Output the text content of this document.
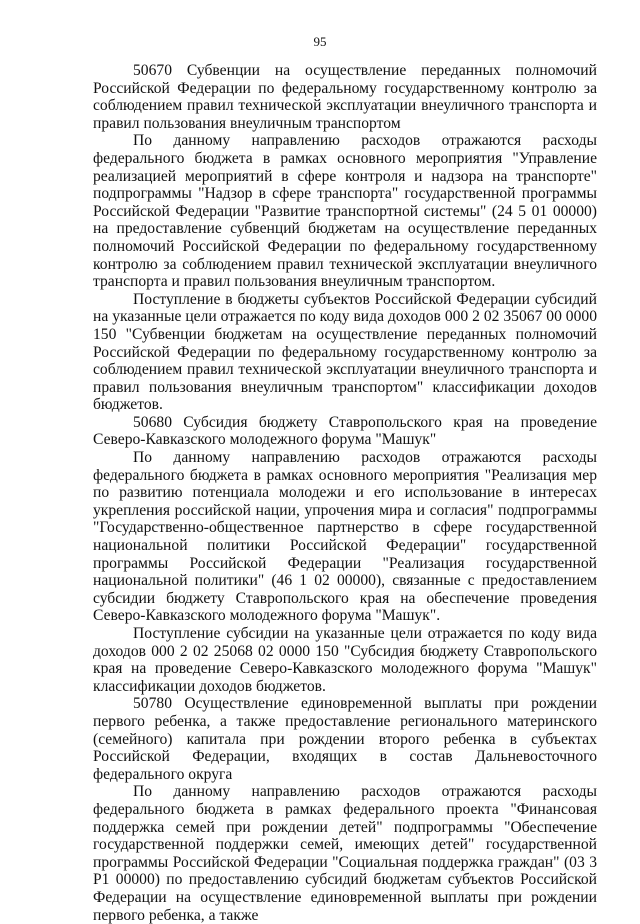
95

50670 Субвенции на осуществление переданных полномочий Российской Федерации по федеральному государственному контролю за соблюдением правил технической эксплуатации внеуличного транспорта и правил пользования внеуличным транспортом

По данному направлению расходов отражаются расходы федерального бюджета в рамках основного мероприятия "Управление реализацией мероприятий в сфере контроля и надзора на транспорте" подпрограммы "Надзор в сфере транспорта" государственной программы Российской Федерации "Развитие транспортной системы" (24 5 01 00000) на предоставление субвенций бюджетам на осуществление переданных полномочий Российской Федерации по федеральному государственному контролю за соблюдением правил технической эксплуатации внеуличного транспорта и правил пользования внеуличным транспортом.

Поступление в бюджеты субъектов Российской Федерации субсидий на указанные цели отражается по коду вида доходов 000 2 02 35067 00 0000 150 "Субвенции бюджетам на осуществление переданных полномочий Российской Федерации по федеральному государственному контролю за соблюдением правил технической эксплуатации внеуличного транспорта и правил пользования внеуличным транспортом" классификации доходов бюджетов.

50680 Субсидия бюджету Ставропольского края на проведение Северо-Кавказского молодежного форума "Машук"

По данному направлению расходов отражаются расходы федерального бюджета в рамках основного мероприятия "Реализация мер по развитию потенциала молодежи и его использование в интересах укрепления российской нации, упрочения мира и согласия" подпрограммы "Государственно-общественное партнерство в сфере государственной национальной политики Российской Федерации" государственной программы Российской Федерации "Реализация государственной национальной политики" (46 1 02 00000), связанные с предоставлением субсидии бюджету Ставропольского края на обеспечение проведения Северо-Кавказского молодежного форума "Машук".

Поступление субсидии на указанные цели отражается по коду вида доходов 000 2 02 25068 02 0000 150 "Субсидия бюджету Ставропольского края на проведение Северо-Кавказского молодежного форума "Машук" классификации доходов бюджетов.

50780 Осуществление единовременной выплаты при рождении первого ребенка, а также предоставление регионального материнского (семейного) капитала при рождении второго ребенка в субъектах Российской Федерации, входящих в состав Дальневосточного федерального округа

По данному направлению расходов отражаются расходы федерального бюджета в рамках федерального проекта "Финансовая поддержка семей при рождении детей" подпрограммы "Обеспечение государственной поддержки семей, имеющих детей" государственной программы Российской Федерации "Социальная поддержка граждан" (03 3 P1 00000) по предоставлению субсидий бюджетам субъектов Российской Федерации на осуществление единовременной выплаты при рождении первого ребенка, а также
